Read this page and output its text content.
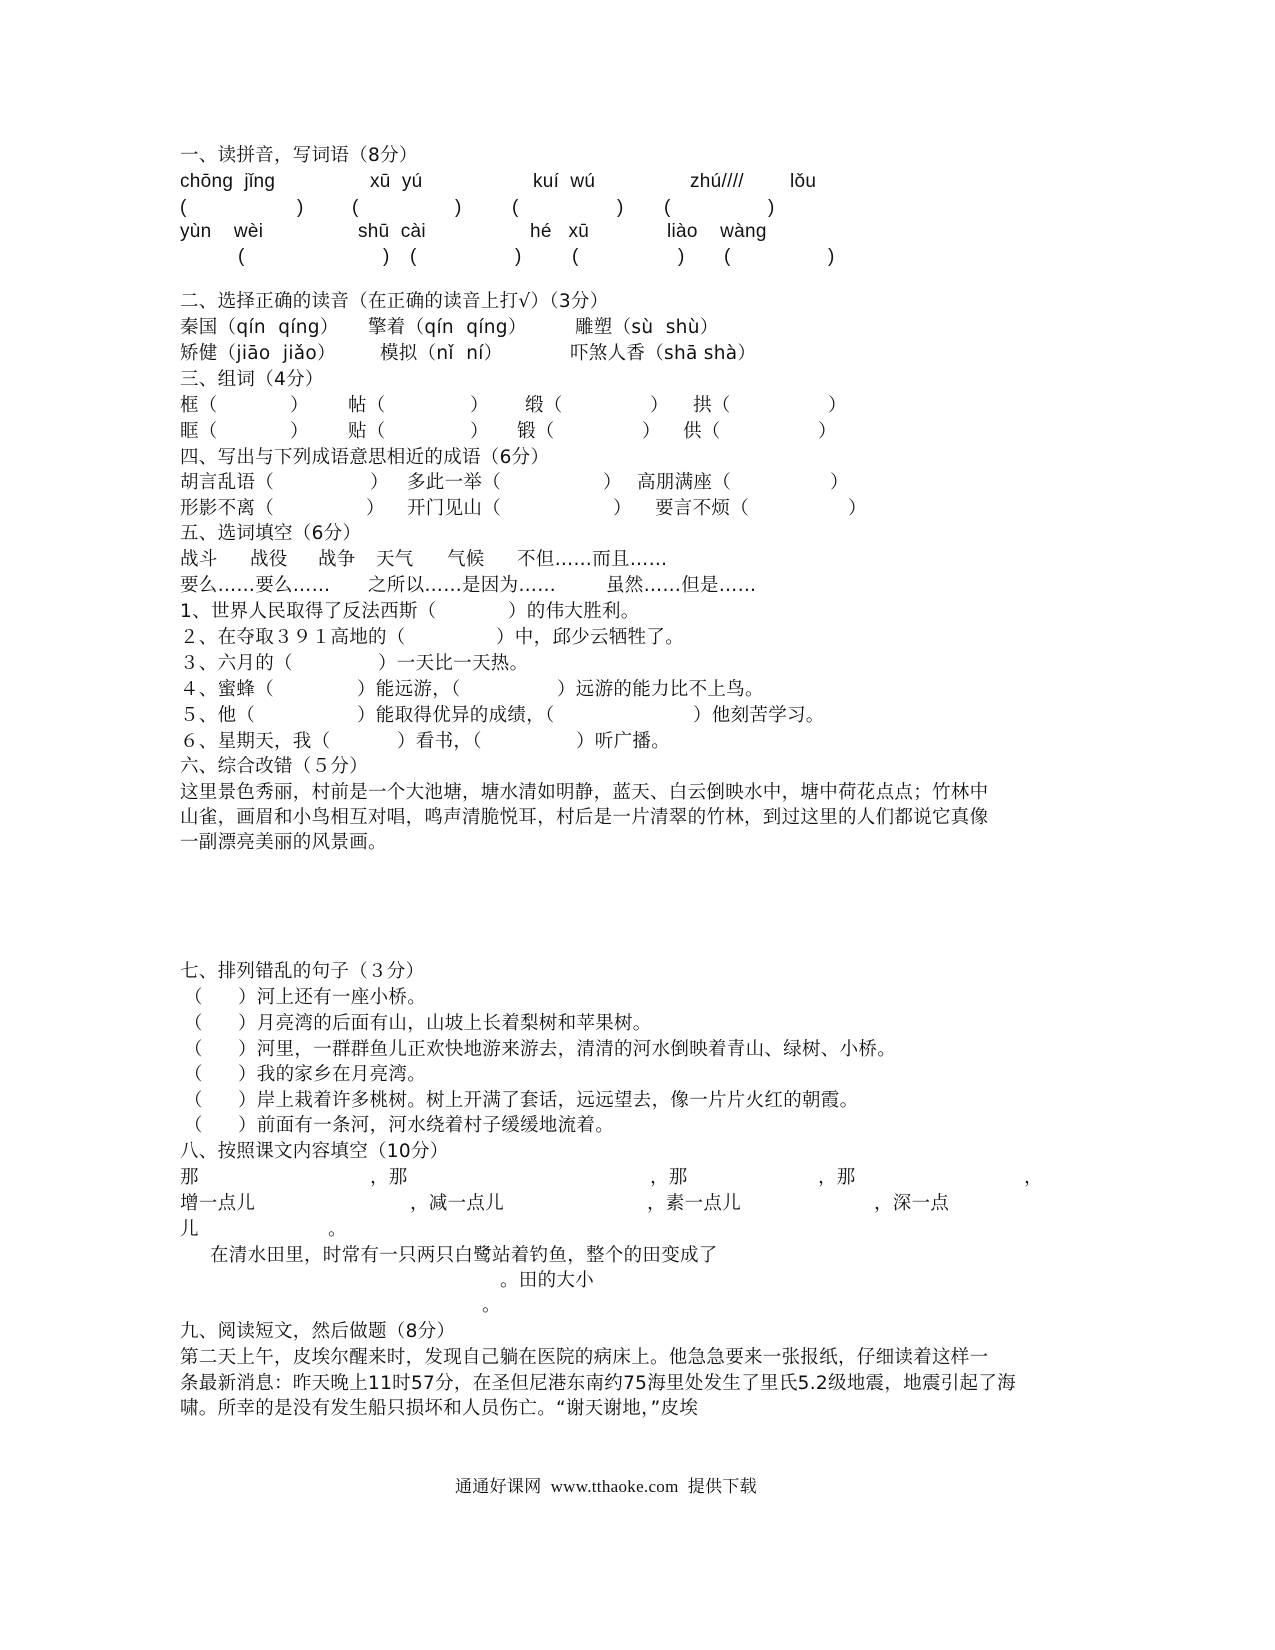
一、读拼音，写词语（8分）
chōng  jǐng	xū  yú	kuí  wú	zhú//// lǒu
(	)	(	)	(	) (	)
yùn    wèi	shū  cài	hé   xū	liào    wàng
(	) (	)	(	) (	)
二、选择正确的读音（在正确的读音上打√）（3分）
秦国（qín  qíng） 擎着（qín  qíng）	雕塑（sù  shù）
矫健（jiāo  jiǎo） 模拟（nǐ  ní）	吓煞人香（shā shà）
三、组词（4分）
框（	） 帖（	） 缎（	） 拱（	）
眶（	） 贴（	） 锻（	） 供（	）
四、写出与下列成语意思相近的成语（6分）
胡言乱语（	） 多此一举（	） 高朋满座（	）
形影不离（	） 开门见山（	） 要言不烦（	）
五、选词填空（6分）
战斗 战役 战争 天气 气候 不但……而且……
要么……要么…… 之所以……是因为……	虽然……但是……
1、世界人民取得了反法西斯（	）的伟大胜利。
２、在夺取３９１高地的（	）中，邱少云牺牲了。
３、六月的（	）一天比一天热。
４、蜜蜂（	）能远游，（	）远游的能力比不上鸟。
５、他（	）能取得优异的成绩，（	）他刻苦学习。
６、星期天，我（	）看书，（	）听广播。
六、综合改错（５分）
这里景色秀丽，村前是一个大池塘，塘水清如明静，蓝天、白云倒映水中，塘中荷花点点；竹林中
山雀，画眉和小鸟相互对唱，鸣声清脆悦耳，村后是一片清翠的竹林，到过这里的人们都说它真像
一副漂亮美丽的风景画。
七、排列错乱的句子（３分）
（ ）河上还有一座小桥。
（ ）月亮湾的后面有山，山坡上长着梨树和苹果树。
（ ）河里，一群群鱼儿正欢快地游来游去，清清的河水倒映着青山、绿树、小桥。
（ ）我的家乡在月亮湾。
（ ）岸上栽着许多桃树。树上开满了套话，远远望去，像一片片火红的朝霞。
（ ）前面有一条河，河水绕着村子缓缓地流着。
八、按照课文内容填空（10分）
那	，那	，那	，那	，
增一点儿	，减一点儿	，素一点儿	，深一点
儿	。
在清水田里，时常有一只两只白鹭站着钓鱼，整个的田变成了
。田的大小
。
九、阅读短文，然后做题（8分）
第二天上午，皮埃尔醒来时，发现自己躺在医院的病床上。他急急要来一张报纸，仔细读着这样一
条最新消息：昨天晚上11时57分，在圣但尼港东南约75海里处发生了里氏5.2级地震，地震引起了海
啸。所幸的是没有发生船只损坏和人员伤亡。“谢天谢地，”皮埃
通通好课网  www.tthaoke.com  提供下载
